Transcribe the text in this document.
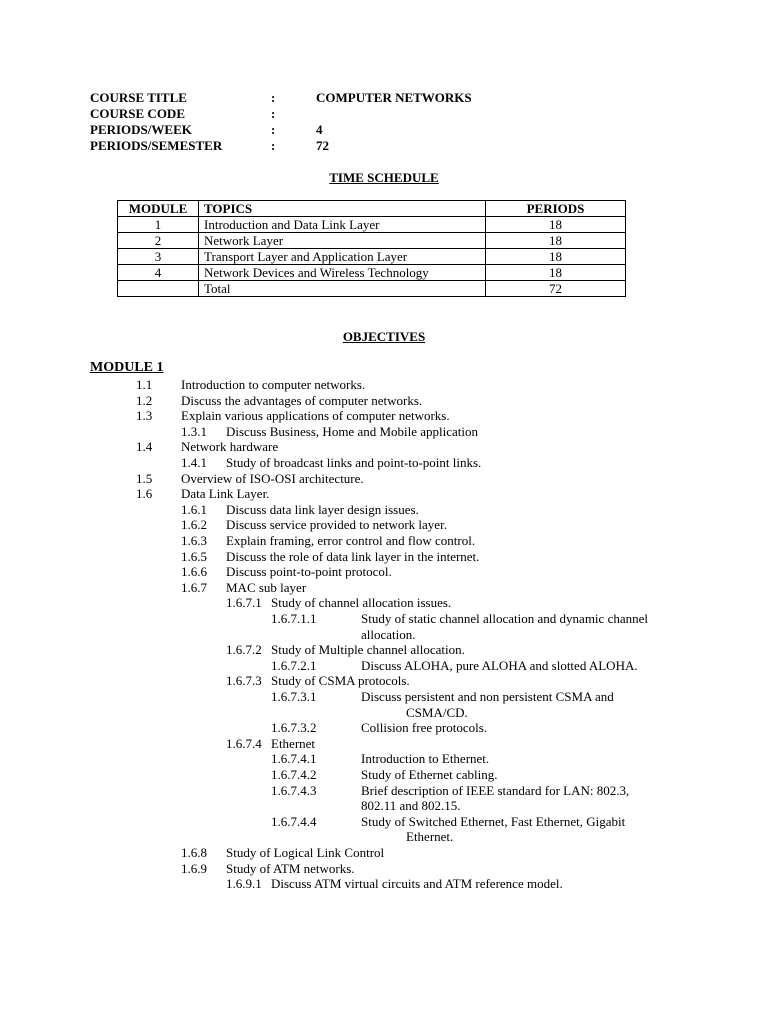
COURSE TITLE	:	COMPUTER NETWORKS
COURSE CODE	:
PERIODS/WEEK	:	4
PERIODS/SEMESTER	:	72
TIME SCHEDULE
MODULE	TOPICS	PERIODS
1	Introduction and Data Link Layer	18
2	Network Layer	18
3	Transport Layer and Application Layer	18
4	Network Devices and Wireless Technology	18
	Total	72
OBJECTIVES
MODULE 1
1.1 Introduction to computer networks.
1.2 Discuss the advantages of computer networks.
1.3 Explain various applications of computer networks.
1.3.1 Discuss Business, Home and Mobile application
1.4 Network hardware
1.4.1 Study of broadcast links and point-to-point links.
1.5 Overview of ISO-OSI architecture.
1.6 Data Link Layer.
1.6.1 Discuss data link layer design issues.
1.6.2 Discuss service provided to network layer.
1.6.3 Explain framing, error control and flow control.
1.6.5 Discuss the role of data link layer in the internet.
1.6.6 Discuss point-to-point protocol.
1.6.7 MAC sub layer
1.6.7.1 Study of channel allocation issues.
1.6.7.1.1	Study of static channel allocation and dynamic channel
allocation.
1.6.7.2 Study of Multiple channel allocation.
1.6.7.2.1	Discuss ALOHA, pure ALOHA and slotted ALOHA.
1.6.7.3 Study of CSMA protocols.
1.6.7.3.1	Discuss persistent and non persistent CSMA and
CSMA/CD.
1.6.7.3.2	Collision free protocols.
1.6.7.4 Ethernet
1.6.7.4.1	Introduction to Ethernet.
1.6.7.4.2	Study of Ethernet cabling.
1.6.7.4.3	Brief description of IEEE standard for LAN: 802.3,
802.11 and 802.15.
1.6.7.4.4	Study of Switched Ethernet, Fast Ethernet, Gigabit
Ethernet.
1.6.8 Study of Logical Link Control
1.6.9 Study of ATM networks.
1.6.9.1 Discuss ATM virtual circuits and ATM reference model.
